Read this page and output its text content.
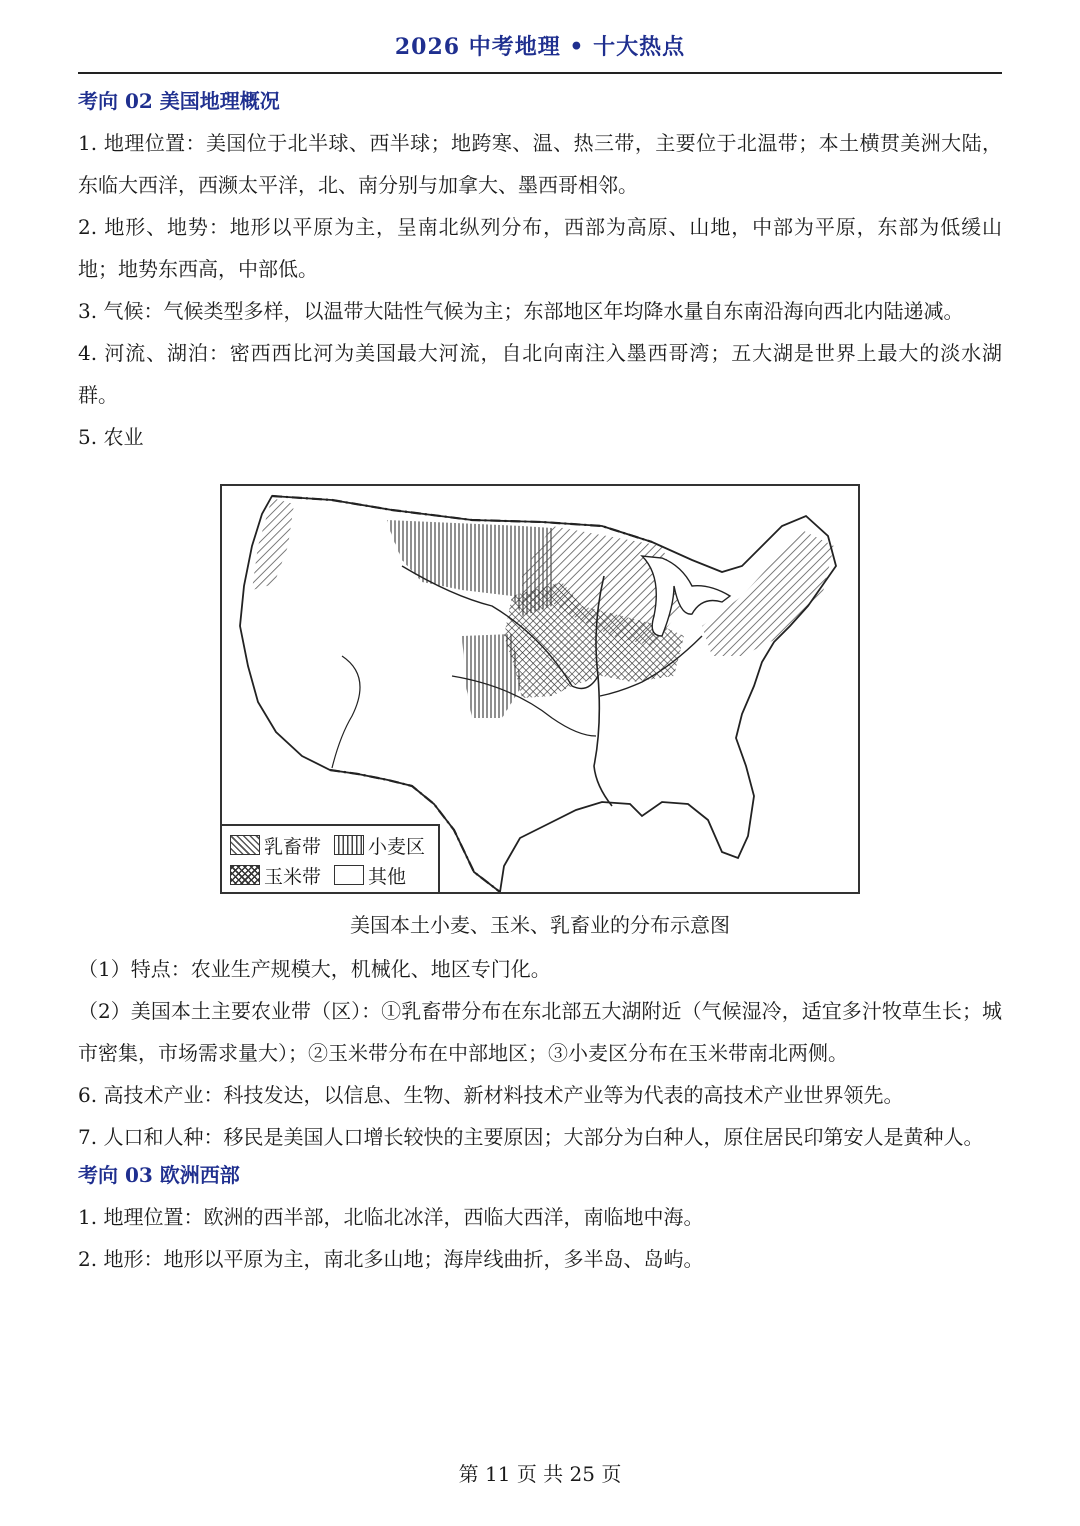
2026 中考地理 • 十大热点
考向 02 美国地理概况

1. 地理位置：美国位于北半球、西半球；地跨寒、温、热三带，主要位于北温带；本土横贯美洲大陆，东临大西洋，西濒太平洋，北、南分别与加拿大、墨西哥相邻。

2. 地形、地势：地形以平原为主，呈南北纵列分布，西部为高原、山地，中部为平原，东部为低缓山地；地势东西高，中部低。

3. 气候：气候类型多样，以温带大陆性气候为主；东部地区年均降水量自东南沿海向西北内陆递减。

4. 河流、湖泊：密西西比河为美国最大河流，自北向南注入墨西哥湾；五大湖是世界上最大的淡水湖群。

5. 农业

乳畜带 小麦区
玉米带 其他
美国本土小麦、玉米、乳畜业的分布示意图

（1）特点：农业生产规模大，机械化、地区专门化。

（2）美国本土主要农业带（区）：①乳畜带分布在东北部五大湖附近（气候湿冷，适宜多汁牧草生长；城市密集，市场需求量大）；②玉米带分布在中部地区；③小麦区分布在玉米带南北两侧。

6. 高技术产业：科技发达，以信息、生物、新材料技术产业等为代表的高技术产业世界领先。

7. 人口和人种：移民是美国人口增长较快的主要原因；大部分为白种人，原住居民印第安人是黄种人。

考向 03 欧洲西部

1. 地理位置：欧洲的西半部，北临北冰洋，西临大西洋，南临地中海。

2. 地形：地形以平原为主，南北多山地；海岸线曲折，多半岛、岛屿。

第 11 页 共 25 页
